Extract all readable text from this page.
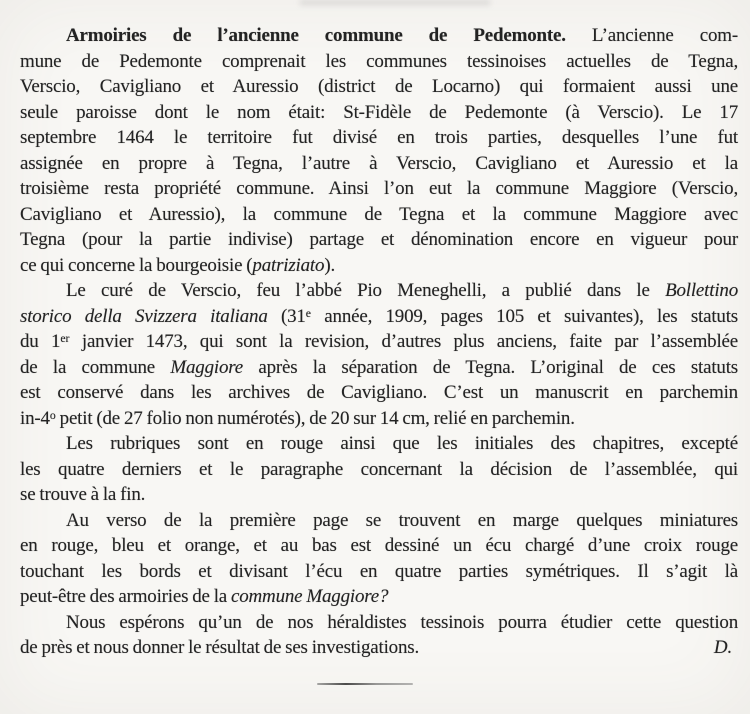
Armoiries de l’ancienne commune de Pedemonte. L’ancienne com-
mune de Pedemonte comprenait les communes tessinoises actuelles de Tegna,
Verscio, Cavigliano et Auressio (district de Locarno) qui formaient aussi une
seule paroisse dont le nom était: St-Fidèle de Pedemonte (à Verscio). Le 17
septembre 1464 le territoire fut divisé en trois parties, desquelles l’une fut
assignée en propre à Tegna, l’autre à Verscio, Cavigliano et Auressio et la
troisième resta propriété commune. Ainsi l’on eut la commune Maggiore (Verscio,
Cavigliano et Auressio), la commune de Tegna et la commune Maggiore avec
Tegna (pour la partie indivise) partage et dénomination encore en vigueur pour
ce qui concerne la bourgeoisie (patriziato).
Le curé de Verscio, feu l’abbé Pio Meneghelli, a publié dans le Bollettino
storico della Svizzera italiana (31e année, 1909, pages 105 et suivantes), les statuts
du 1er janvier 1473, qui sont la revision, d’autres plus anciens, faite par l’assemblée
de la commune Maggiore après la séparation de Tegna. L’original de ces statuts
est conservé dans les archives de Cavigliano. C’est un manuscrit en parchemin
in-4$^o$ petit (de 27 folio non numérotés), de 20 sur 14 cm, relié en parchemin.
Les rubriques sont en rouge ainsi que les initiales des chapitres, excepté
les quatre derniers et le paragraphe concernant la décision de l’assemblée, qui
se trouve à la fin.
Au verso de la première page se trouvent en marge quelques miniatures
en rouge, bleu et orange, et au bas est dessiné un écu chargé d’une croix rouge
touchant les bords et divisant l’écu en quatre parties symétriques. Il s’agit là
peut-être des armoiries de la commune Maggiore?
Nous espérons qu’un de nos héraldistes tessinois pourra étudier cette question
D.
de près et nous donner le résultat de ses investigations.
